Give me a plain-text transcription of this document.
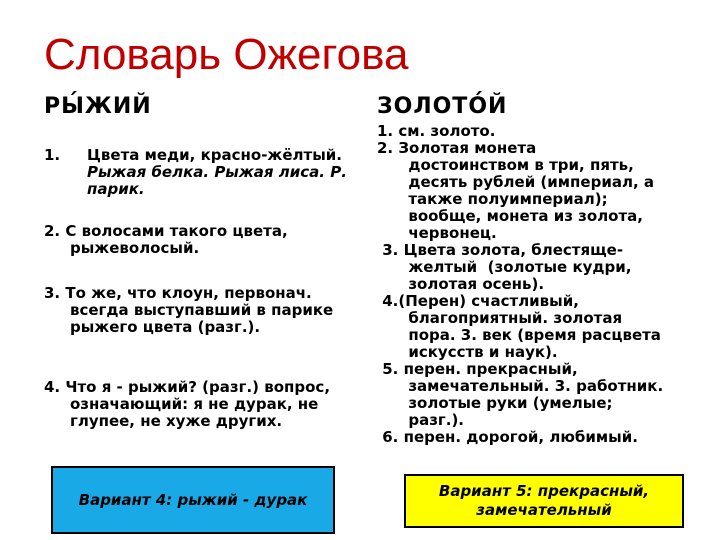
Словарь Ожегова
РЫ́ЖИЙ	ЗОЛОТО́Й
1. Цвета меди, красно-жёлтый. Рыжая белка. Рыжая лиса. Р. парик.
2. С волосами такого цвета, рыжеволосый.
3. То же, что клоун, первонач. всегда выступавший в парике рыжего цвета (разг.).
4. Что я - рыжий? (разг.) вопрос, означающий: я не дурак, не глупее, не хуже других.
1. см. золото.
2. Золотая монета
достоинством в три, пять,
десять рублей (империал, а
также полуимпериал);
вообще, монета из золота,
червонец.
3. Цвета золота, блестяще-
желтый  (золотые кудри,
золотая осень).
4.(Перен) счастливый,
благоприятный. золотая
пора. 3. век (время расцвета
искусств и наук).
5. перен. прекрасный,
замечательный. 3. работник.
золотые руки (умелые;
разг.).
6. перен. дорогой, любимый.
Вариант 4: рыжий - дурак	Вариант 5: прекрасный,
замечательный
